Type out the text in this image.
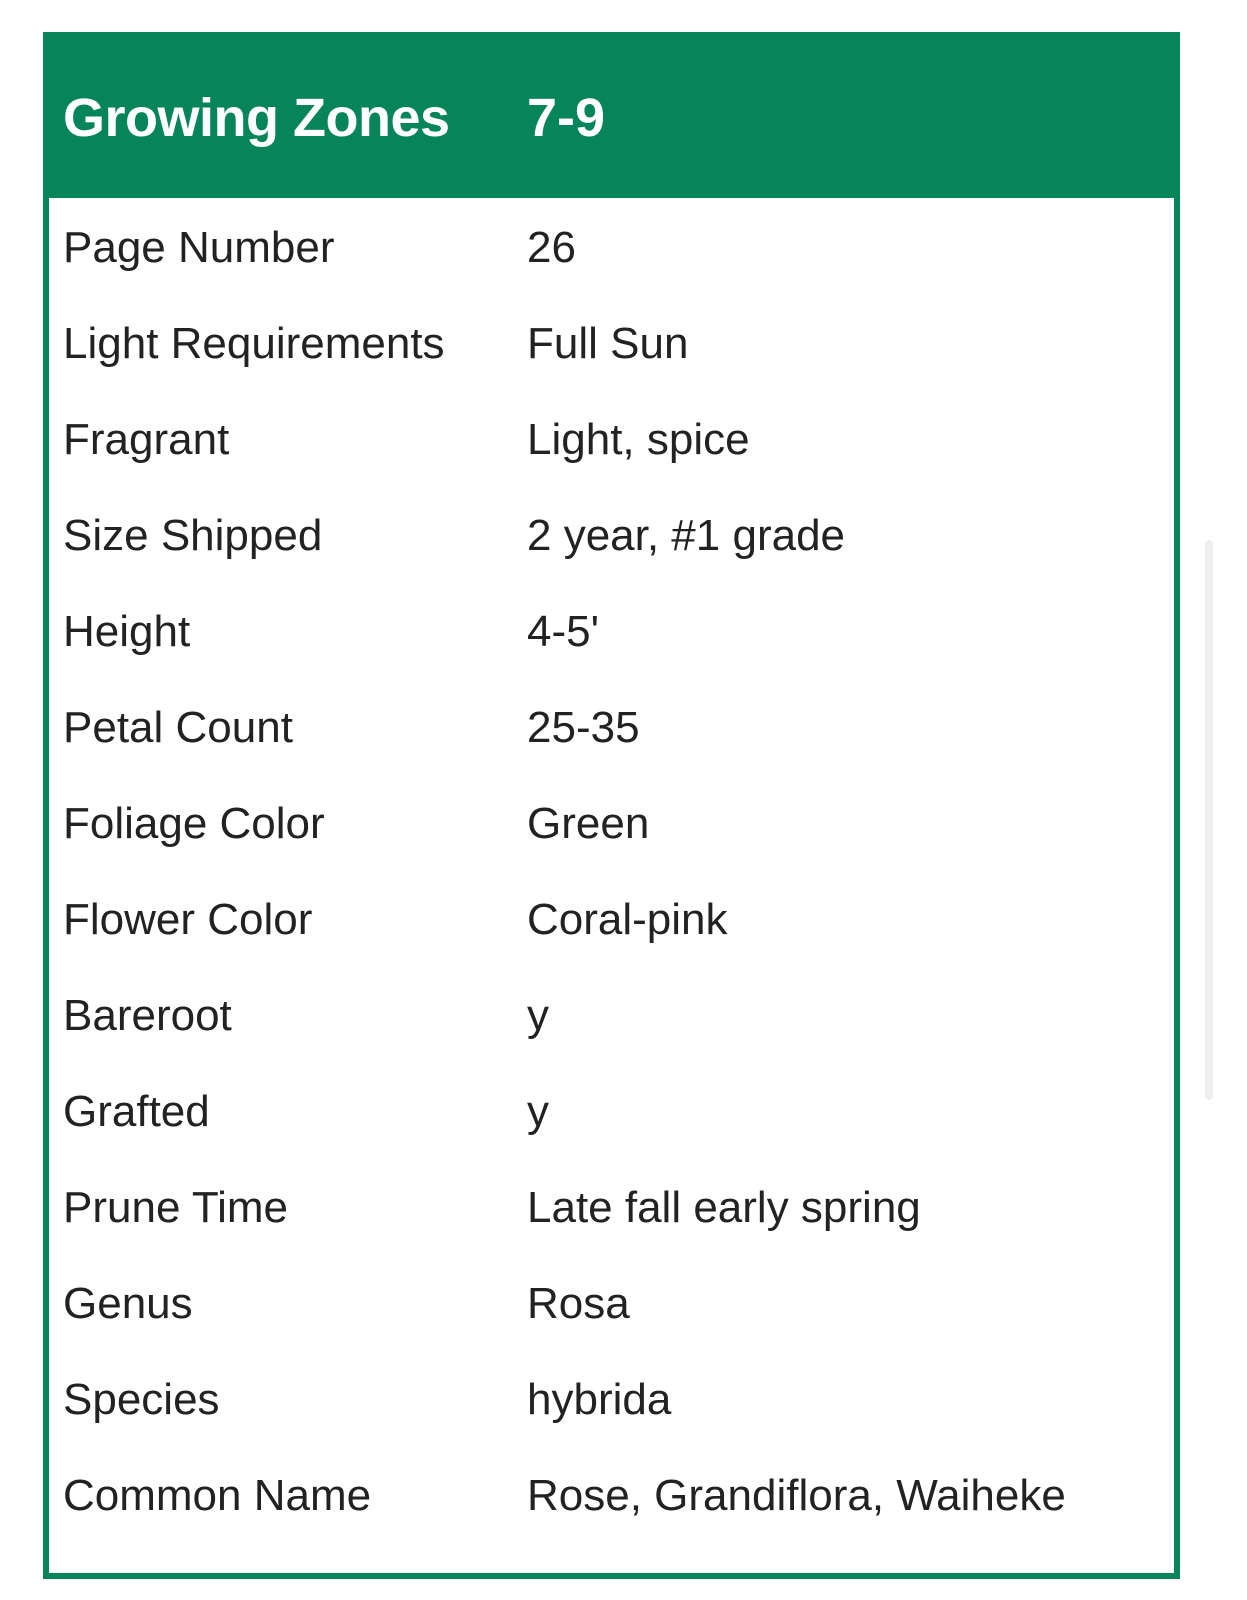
Growing Zones	7-9
Page Number	26
Light Requirements	Full Sun
Fragrant	Light, spice
Size Shipped	2 year, #1 grade
Height	4-5'
Petal Count	25-35
Foliage Color	Green
Flower Color	Coral-pink
Bareroot	y
Grafted	y
Prune Time	Late fall early spring
Genus	Rosa
Species	hybrida
Common Name	Rose, Grandiflora, Waiheke
